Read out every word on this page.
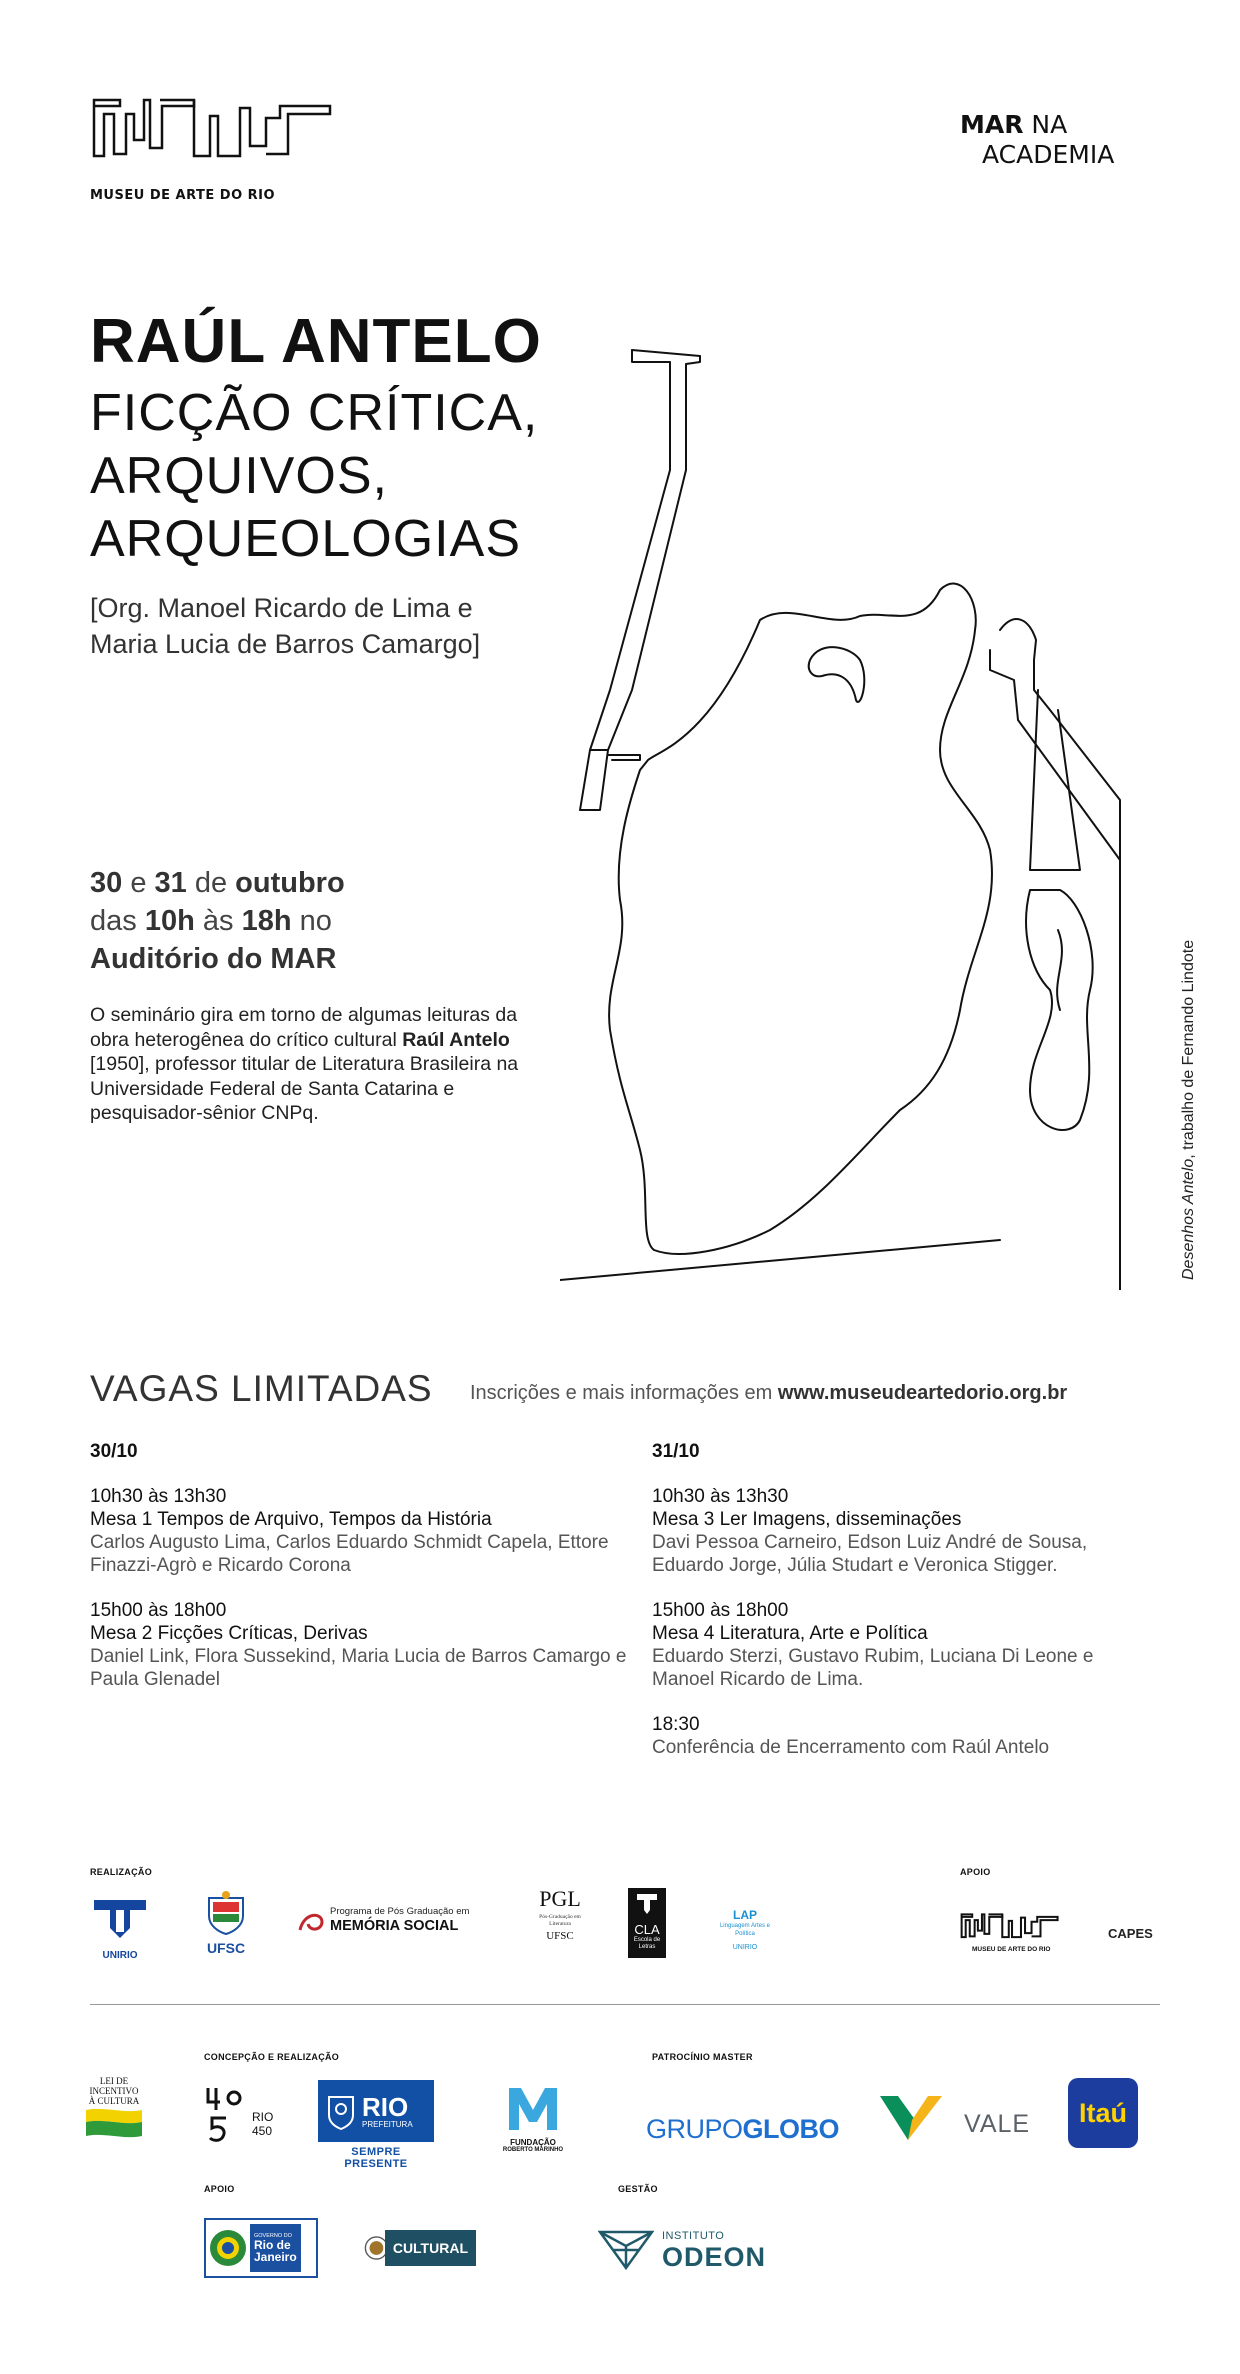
MUSEU DE ARTE DO RIO
MAR NA
ACADEMIA
RAÚL ANTELO
FICÇÃO CRÍTICA,
ARQUIVOS,
ARQUEOLOGIAS
[Org. Manoel Ricardo de Lima e
Maria Lucia de Barros Camargo]
30 e 31 de outubro
das 10h às 18h no
Auditório do MAR
O seminário gira em torno de algumas leituras da obra heterogênea do crítico cultural Raúl Antelo [1950], professor titular de Literatura Brasileira na Universidade Federal de Santa Catarina e pesquisador-sênior CNPq.
Desenhos Antelo, trabalho de Fernando Lindote
VAGAS LIMITADAS Inscrições e mais informações em www.museudeartedorio.org.br
30/10
10h30 às 13h30
Mesa 1 Tempos de Arquivo, Tempos da História
Carlos Augusto Lima, Carlos Eduardo Schmidt Capela, Ettore Finazzi-Agrò e Ricardo Corona
15h00 às 18h00
Mesa 2 Ficções Críticas, Derivas
Daniel Link, Flora Sussekind, Maria Lucia de Barros Camargo e Paula Glenadel
31/10
10h30 às 13h30
Mesa 3 Ler Imagens, disseminações
Davi Pessoa Carneiro, Edson Luiz André de Sousa, Eduardo Jorge, Júlia Studart e Veronica Stigger.
15h00 às 18h00
Mesa 4 Literatura, Arte e Política
Eduardo Sterzi, Gustavo Rubim, Luciana Di Leone e Manoel Ricardo de Lima.
18:30
Conferência de Encerramento com Raúl Antelo
REALIZAÇÃO	APOIO
UNIRIO	UFSC
Programa de Pós Graduação em
MEMÓRIA SOCIAL
PGL
Pós-Graduação em Literatura
UFSC	CLA
Escola de Letras
LAP
Linguagem Artes e Política
UNIRIO	MUSEU DE ARTE DO RIO
CAPES
CONCEPÇÃO E REALIZAÇÃO	PATROCÍNIO MASTER
LEI DE
INCENTIVO
À CULTURA
RIO
450
RIO
PREFEITURA
SEMPRE PRESENTE
FUNDAÇÃO
ROBERTO MARINHO
GRUPOGLOBO	VALE Itaú
APOIO	GESTÃO
GOVERNO DO
Rio de
Janeiro
CULTURAL
INSTITUTO
ODEON
